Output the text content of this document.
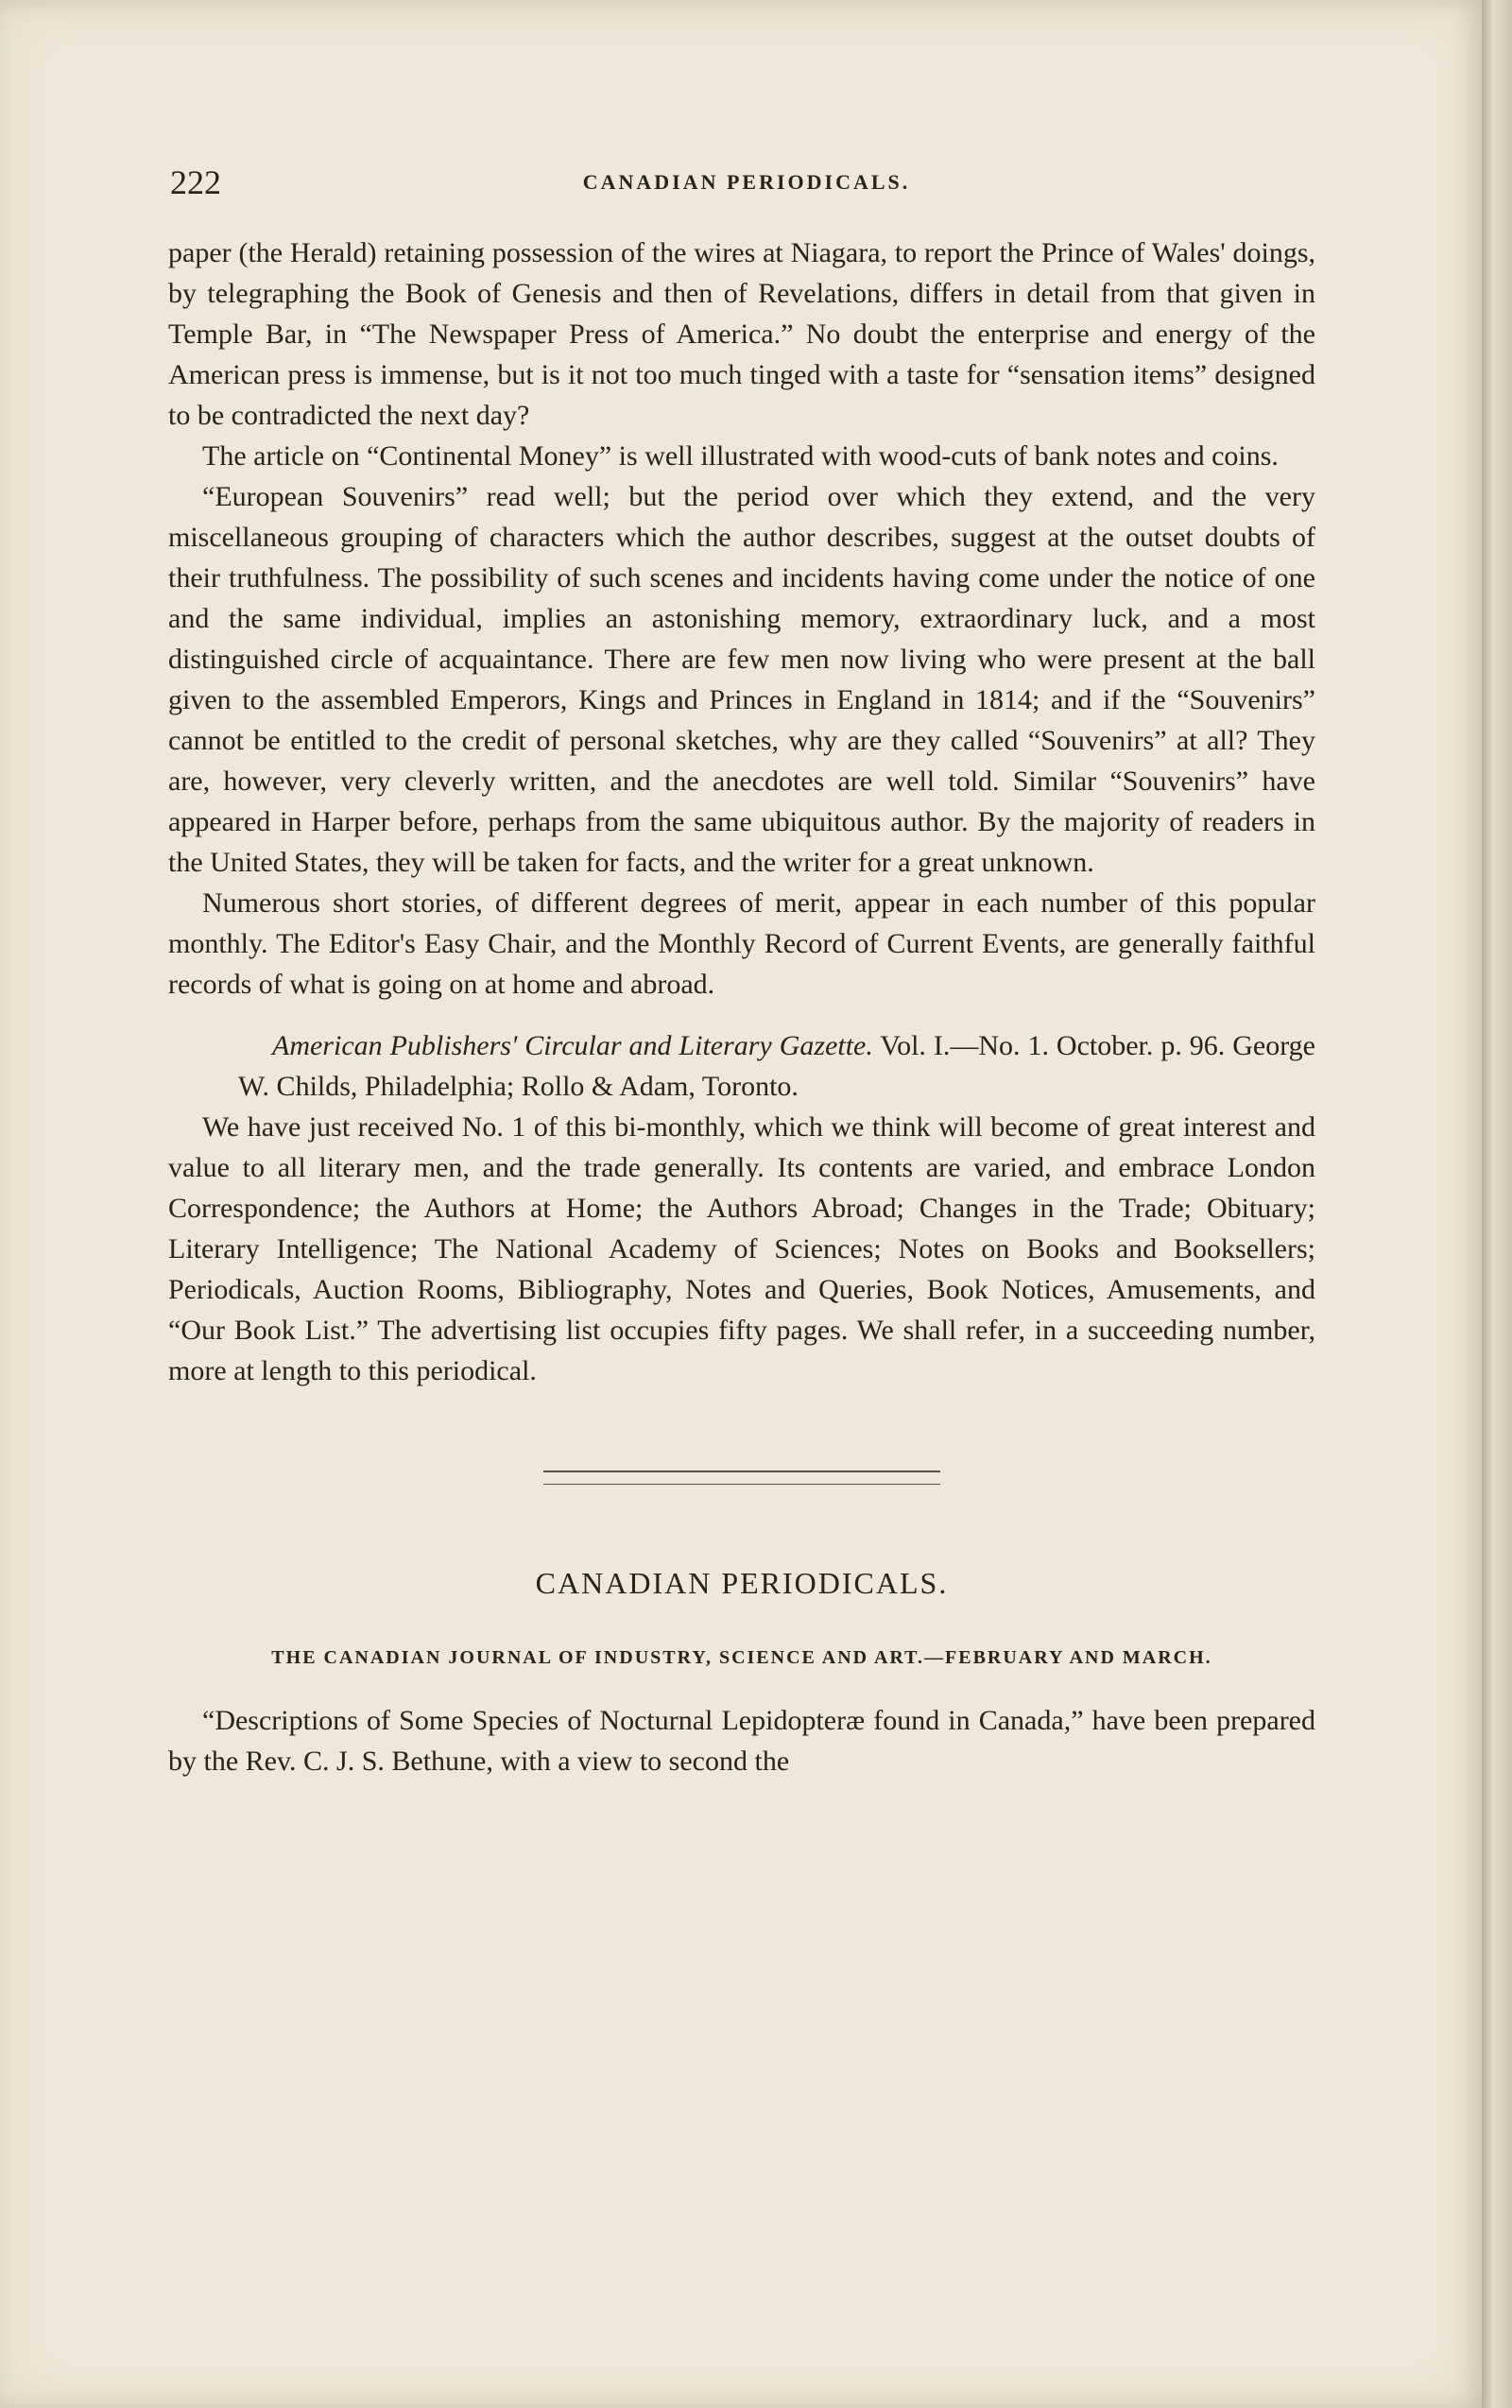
222	CANADIAN PERIODICALS.

paper (the Herald) retaining possession of the wires at Niagara, to report the Prince of Wales' doings, by telegraphing the Book of Genesis and then of Revelations, differs in detail from that given in Temple Bar, in “The Newspaper Press of America.” No doubt the enterprise and energy of the American press is immense, but is it not too much tinged with a taste for “sensation items” designed to be contradicted the next day?

The article on “Continental Money” is well illustrated with wood-cuts of bank notes and coins.

“European Souvenirs” read well; but the period over which they extend, and the very miscellaneous grouping of characters which the author describes, suggest at the outset doubts of their truthfulness. The possibility of such scenes and incidents having come under the notice of one and the same individual, implies an astonishing memory, extraordinary luck, and a most distinguished circle of acquaintance. There are few men now living who were present at the ball given to the assembled Emperors, Kings and Princes in England in 1814; and if the “Souvenirs” cannot be entitled to the credit of personal sketches, why are they called “Souvenirs” at all? They are, however, very cleverly written, and the anecdotes are well told. Similar “Souvenirs” have appeared in Harper before, perhaps from the same ubiquitous author. By the majority of readers in the United States, they will be taken for facts, and the writer for a great unknown.

Numerous short stories, of different degrees of merit, appear in each number of this popular monthly. The Editor's Easy Chair, and the Monthly Record of Current Events, are generally faithful records of what is going on at home and abroad.

American Publishers' Circular and Literary Gazette. Vol. I.—No. 1. October. p. 96. George W. Childs, Philadelphia; Rollo & Adam, Toronto.

We have just received No. 1 of this bi-monthly, which we think will become of great interest and value to all literary men, and the trade generally. Its contents are varied, and embrace London Correspondence; the Authors at Home; the Authors Abroad; Changes in the Trade; Obituary; Literary Intelligence; The National Academy of Sciences; Notes on Books and Booksellers; Periodicals, Auction Rooms, Bibliography, Notes and Queries, Book Notices, Amusements, and “Our Book List.” The advertising list occupies fifty pages. We shall refer, in a succeeding number, more at length to this periodical.

CANADIAN PERIODICALS.
THE CANADIAN JOURNAL OF INDUSTRY, SCIENCE AND ART.—FEBRUARY AND MARCH.

“Descriptions of Some Species of Nocturnal Lepidopteræ found in Canada,” have been prepared by the Rev. C. J. S. Bethune, with a view to second the
